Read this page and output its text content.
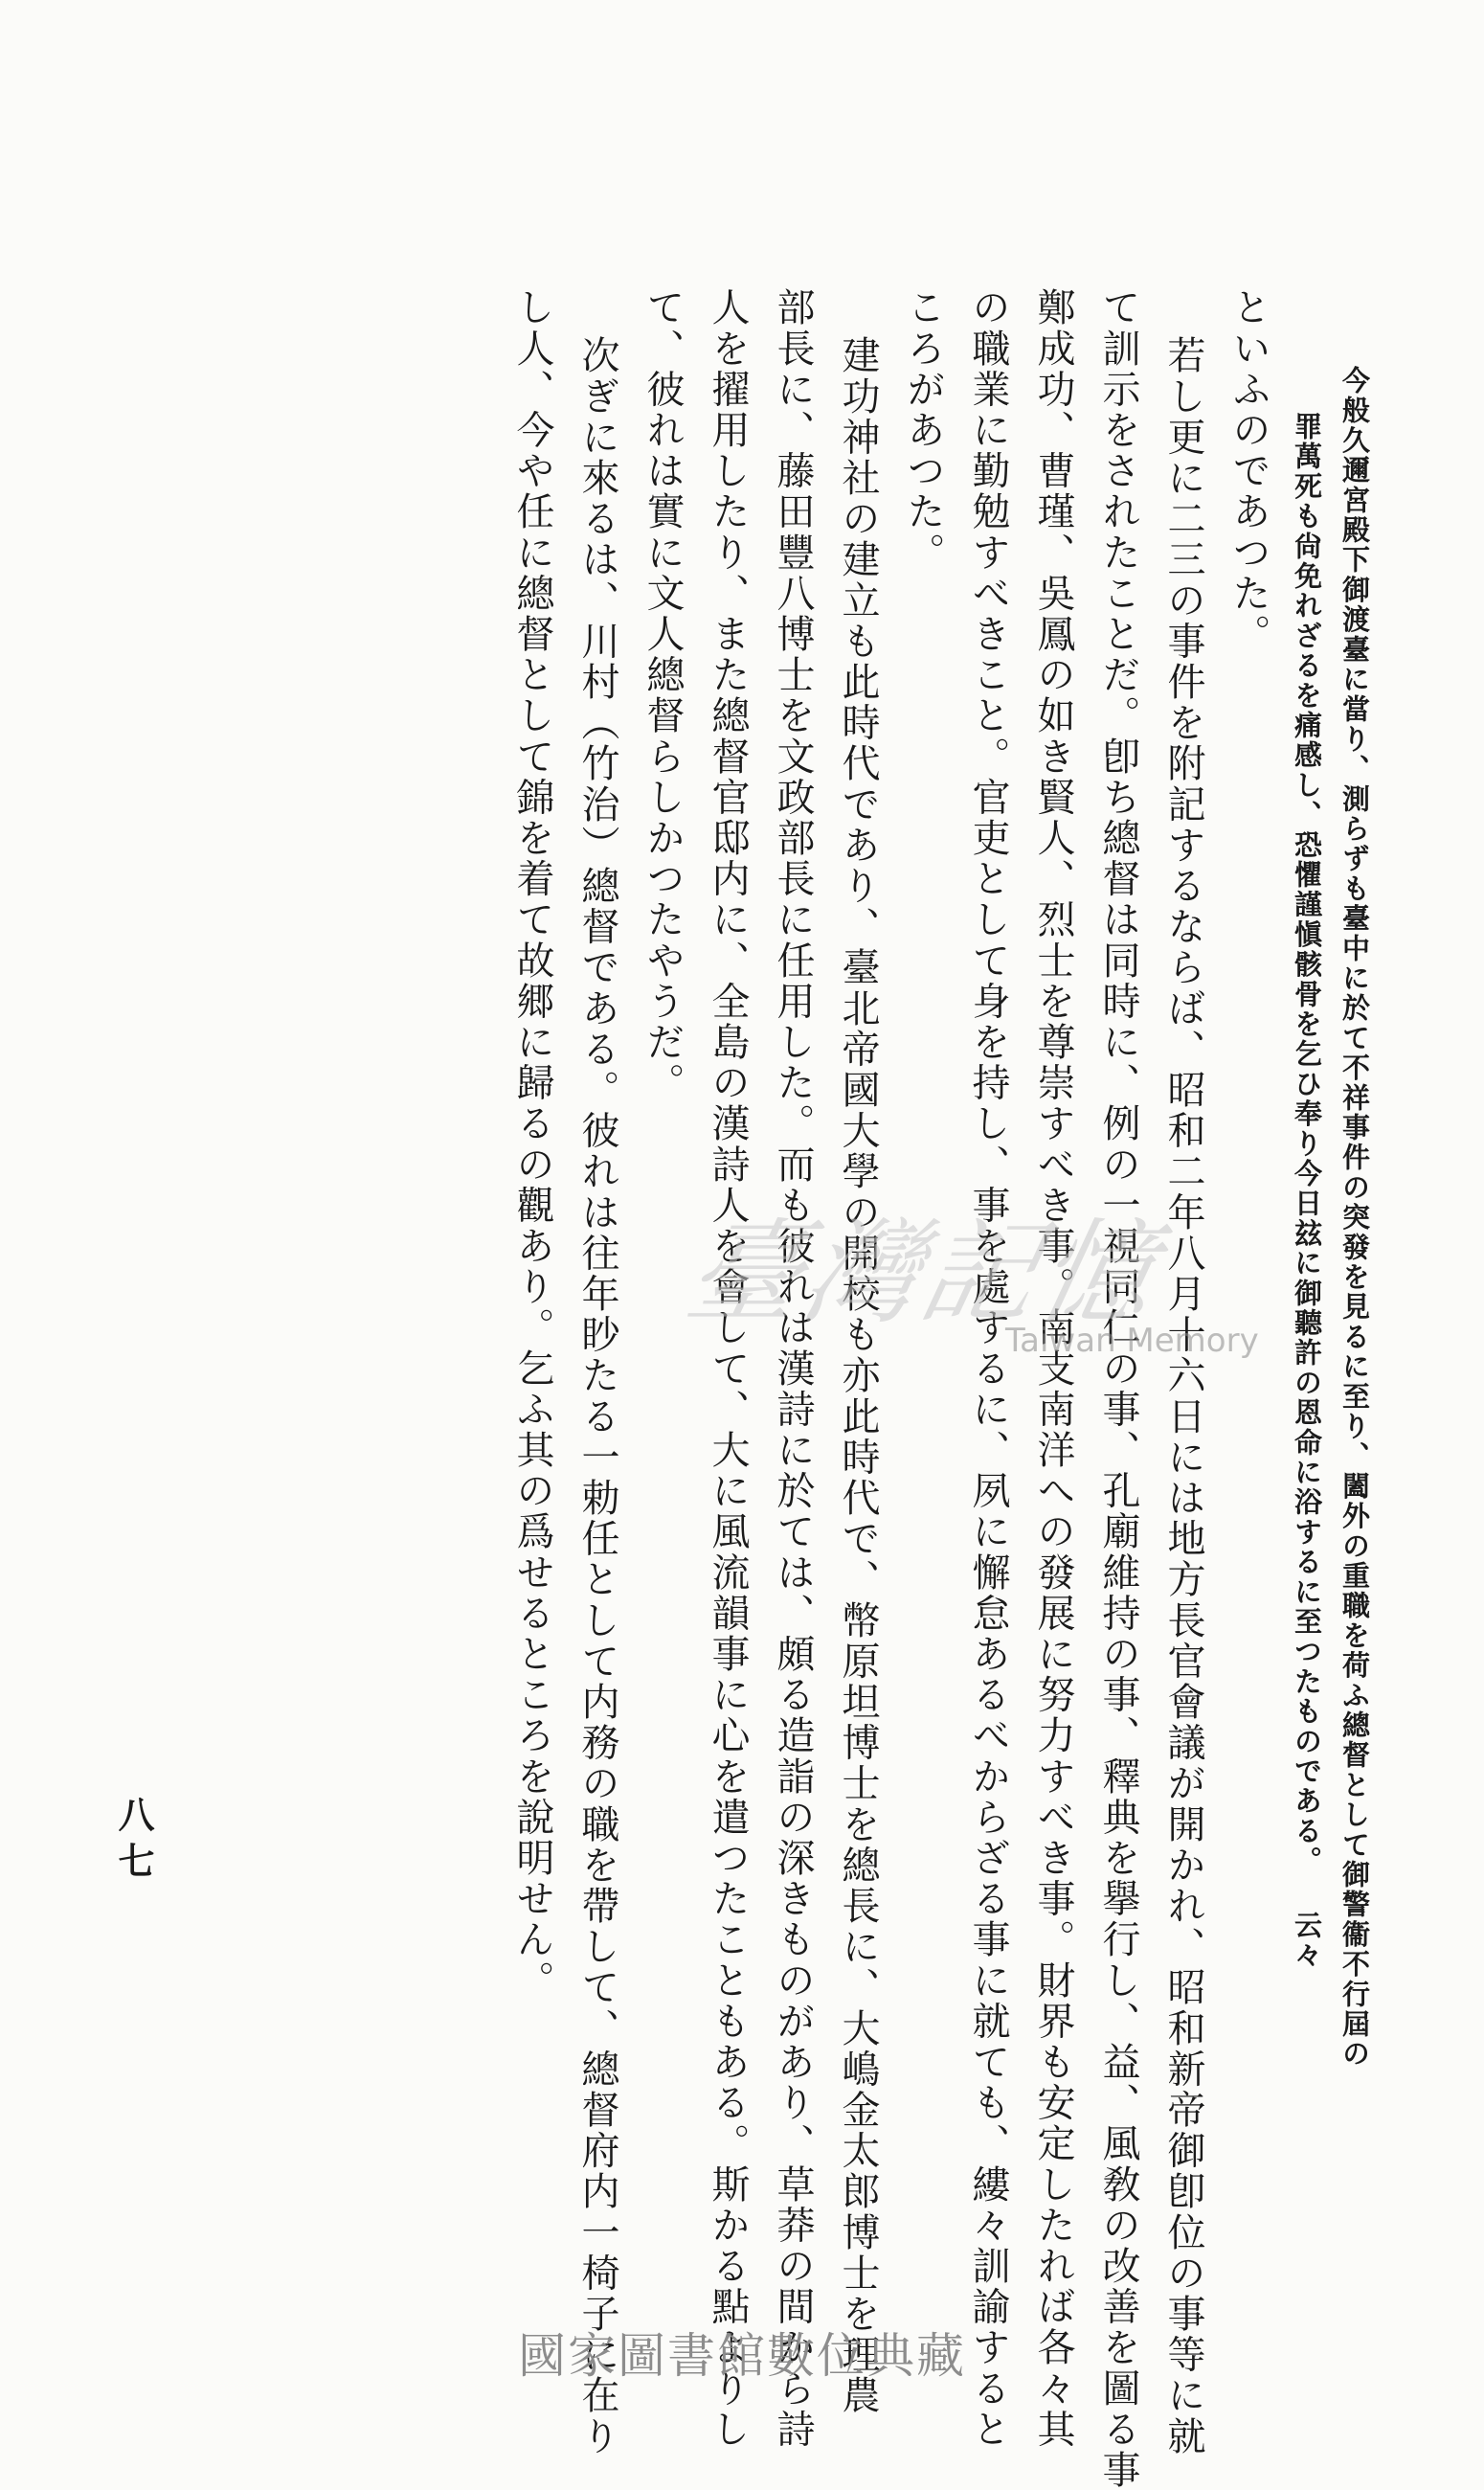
今般久邇宮殿下御渡臺に當り、測らずも臺中に於て不祥事件の突發を見るに至り、闔外の重職を荷ふ總督として御警衞不行屆の
罪萬死も尙免れざるを痛感し、恐懼謹愼骸骨を乞ひ奉り今日玆に御聽許の恩命に浴するに至つたものである。 云々
といふのであつた。
若し更に二三の事件を附記するならば、昭和二年八月十六日には地方長官會議が開かれ、昭和新帝御卽位の事等に就
て訓示をされたことだ。卽ち總督は同時に、例の一視同仁の事、孔廟維持の事、釋典を擧行し、益、風敎の改善を圖る事
鄭成功、曹瑾、吳鳳の如き賢人、烈士を尊崇すべき事。南支南洋への發展に努力すべき事。財界も安定したれば各々其
の職業に勤勉すべきこと。官吏として身を持し、事を處するに、夙に懈怠あるべからざる事に就ても、縷々訓諭すると
ころがあつた。
建功神社の建立も此時代であり、臺北帝國大學の開校も亦此時代で、幣原坦博士を總長に、大嶋金太郎博士を理農
部長に、藤田豐八博士を文政部長に任用した。而も彼れは漢詩に於ては、頗る造詣の深きものがあり、草莽の間から詩
人を擢用したり、また總督官邸内に、全島の漢詩人を會して、大に風流韻事に心を遣つたこともある。斯かる點よりし
て、彼れは實に文人總督らしかつたやうだ。
次ぎに來るは、川村（竹治）總督である。彼れは往年眇たる一勅任として内務の職を帶して、總督府内一椅子に在り
し人、今や任に總督として錦を着て故郷に歸るの觀あり。乞ふ其の爲せるところを說明せん。
八七
臺灣記憶
Taiwan Memory
國家圖書館數位典藏
